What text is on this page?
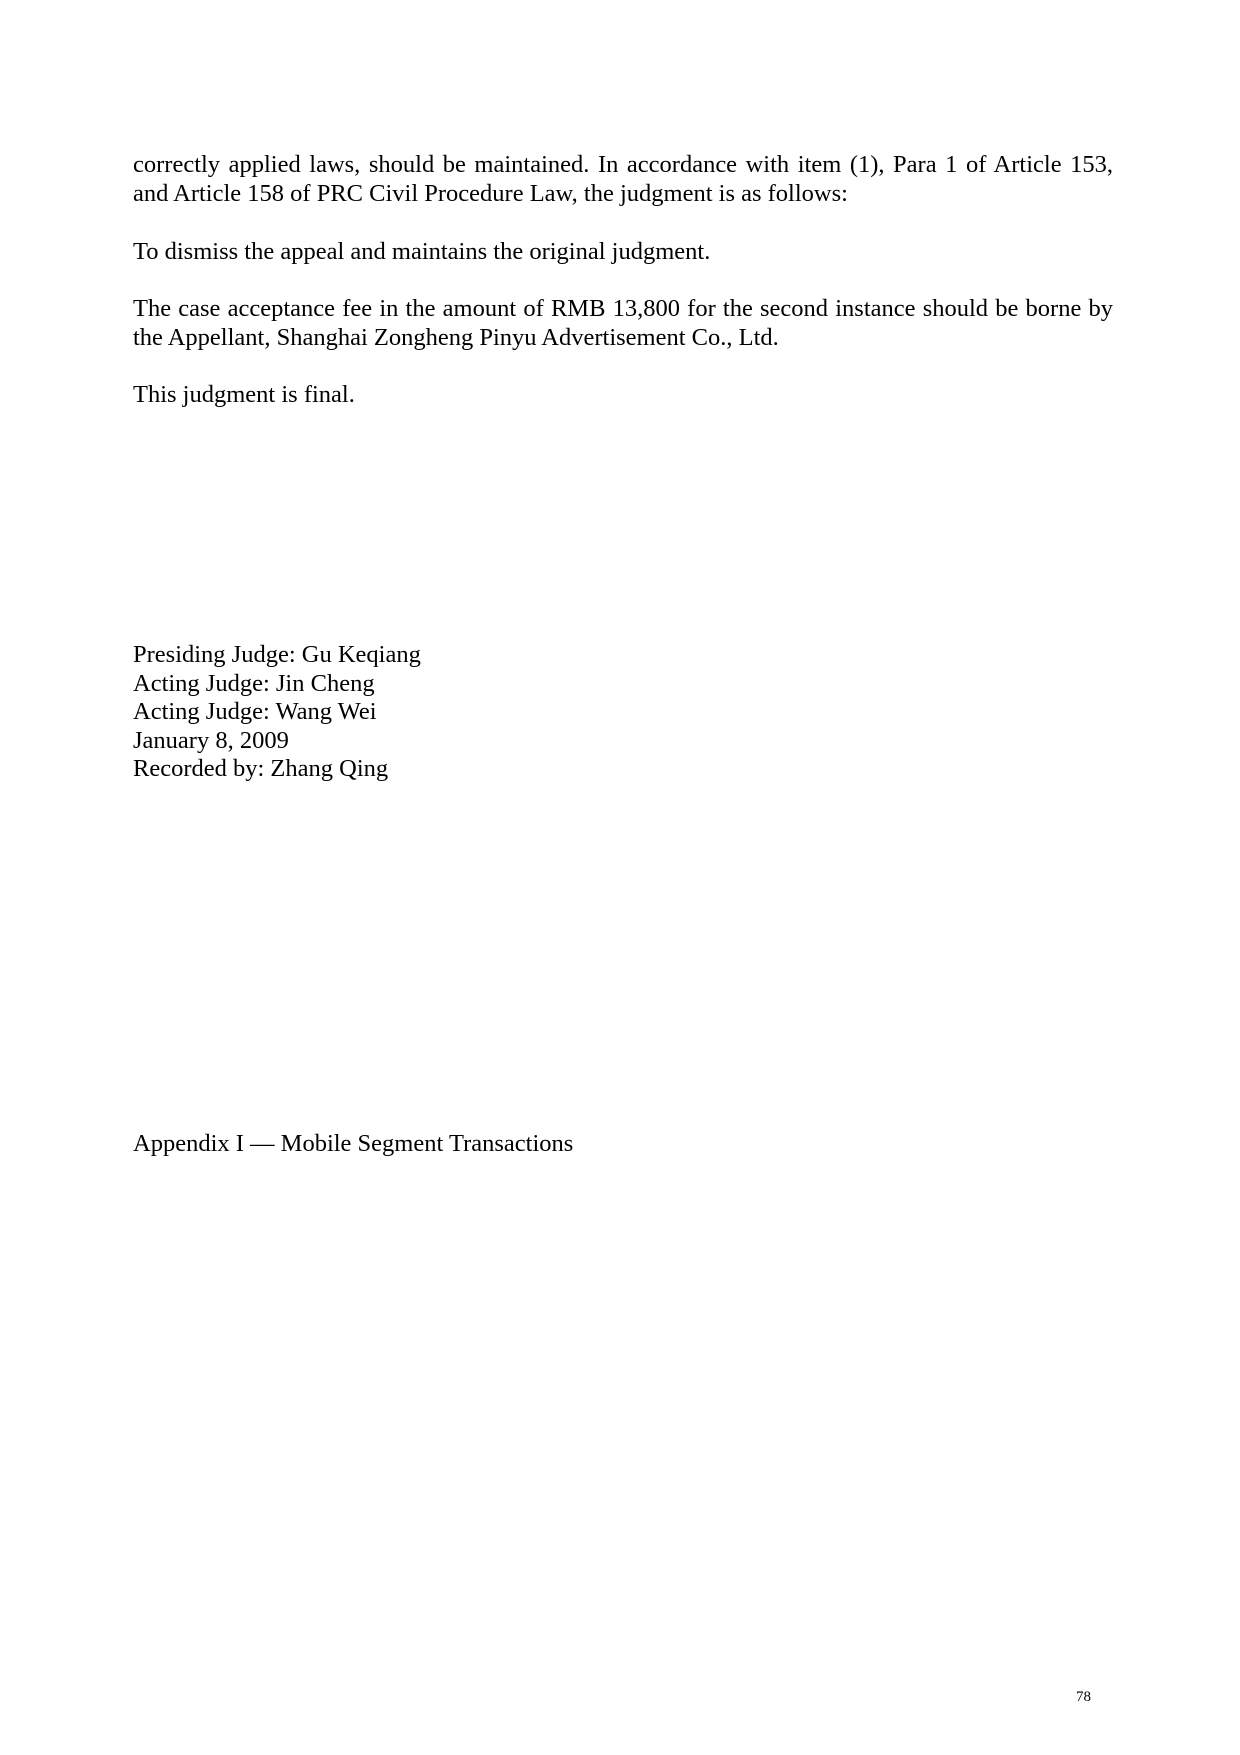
correctly applied laws, should be maintained. In accordance with item (1), Para 1 of Article 153, and Article 158 of PRC Civil Procedure Law, the judgment is as follows:

To dismiss the appeal and maintains the original judgment.

The case acceptance fee in the amount of RMB 13,800 for the second instance should be borne by the Appellant, Shanghai Zongheng Pinyu Advertisement Co., Ltd.

This judgment is final.

Presiding Judge: Gu Keqiang

Acting Judge: Jin Cheng

Acting Judge: Wang Wei

January 8, 2009

Recorded by: Zhang Qing

Appendix I — Mobile Segment Transactions

78
